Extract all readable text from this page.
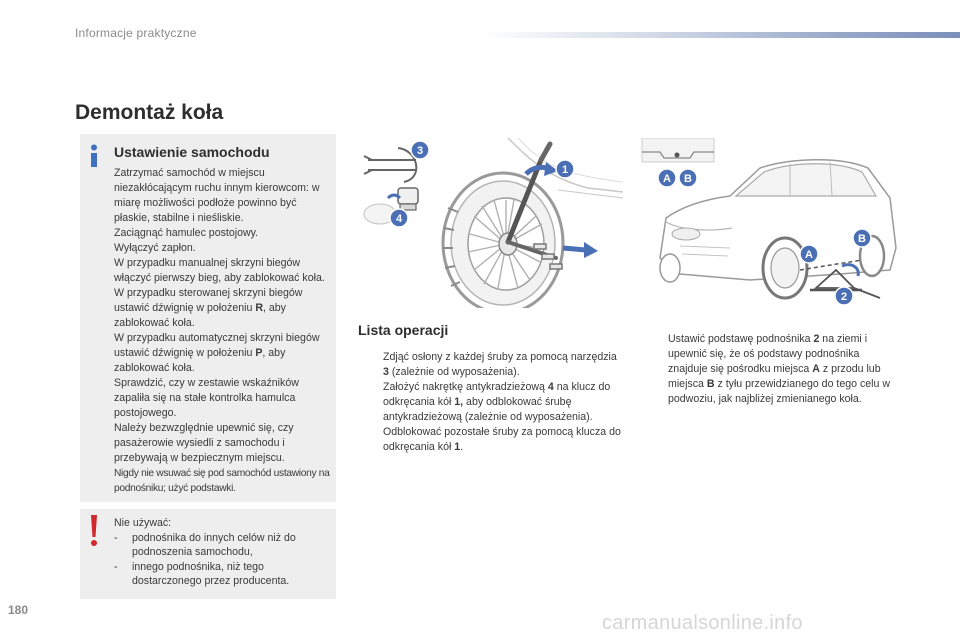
Informacje praktyczne
Demontaż koła
Ustawienie samochodu

Zatrzymać samochód w miejscu niezakłócającym ruchu innym kierowcom: w miarę możliwości podłoże powinno być płaskie, stabilne i nieśliskie.

Zaciągnąć hamulec postojowy.

Wyłączyć zapłon.

W przypadku manualnej skrzyni biegów włączyć pierwszy bieg, aby zablokować koła.

W przypadku sterowanej skrzyni biegów ustawić dźwignię w położeniu R, aby zablokować koła.

W przypadku automatycznej skrzyni biegów ustawić dźwignię w położeniu P, aby zablokować koła.

Sprawdzić, czy w zestawie wskaźników zapaliła się na stałe kontrolka hamulca postojowego.

Należy bezwzględnie upewnić się, czy pasażerowie wysiedli z samochodu i przebywają w bezpiecznym miejscu.

Nigdy nie wsuwać się pod samochód ustawiony na podnośniku; użyć podstawki.

Nie używać:

-	podnośnika do innych celów niż do podnoszenia samochodu,
-	innego podnośnika, niż tego dostarczonego przez producenta.
1
3
4
A B
A
B
2
Lista operacji
Zdjąć osłony z każdej śruby za pomocą narzędzia 3 (zależnie od wyposażenia).
Założyć nakrętkę antykradzieżową 4 na klucz do odkręcania kół 1, aby odblokować śrubę antykradzieżową (zależnie od wyposażenia).
Odblokować pozostałe śruby za pomocą klucza do odkręcania kół 1.
Ustawić podstawę podnośnika 2 na ziemi i upewnić się, że oś podstawy podnośnika znajduje się pośrodku miejsca A z przodu lub miejsca B z tyłu przewidzianego do tego celu w podwoziu, jak najbliżej zmienianego koła.
180
carmanualsonline.info
